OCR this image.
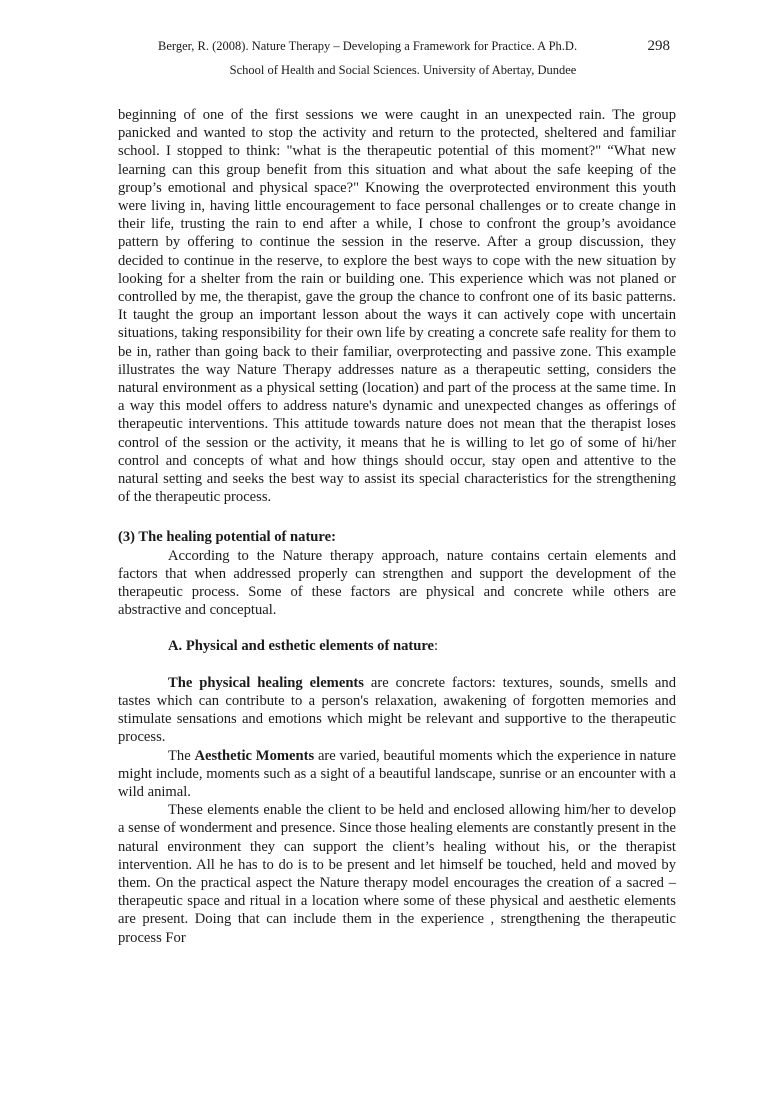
Berger, R. (2008). Nature Therapy – Developing a Framework for Practice. A Ph.D.	298
School of Health and Social Sciences. University of Abertay, Dundee

beginning of one of the first sessions we were caught in an unexpected rain. The group panicked and wanted to stop the activity and return to the protected, sheltered and familiar school. I stopped to think: "what is the therapeutic potential of this moment?" “What new learning can this group benefit from this situation and what about the safe keeping of the group’s emotional and physical space?" Knowing the overprotected environment this youth were living in, having little encouragement to face personal challenges or to create change in their life, trusting the rain to end after a while, I chose to confront the group’s avoidance pattern by offering to continue the session in the reserve. After a group discussion, they decided to continue in the reserve, to explore the best ways to cope with the new situation by looking for a shelter from the rain or building one. This experience which was not planed or controlled by me, the therapist, gave the group the chance to confront one of its basic patterns. It taught the group an important lesson about the ways it can actively cope with uncertain situations, taking responsibility for their own life by creating a concrete safe reality for them to be in, rather than going back to their familiar, overprotecting and passive zone. This example illustrates the way Nature Therapy addresses nature as a therapeutic setting, considers the natural environment as a physical setting (location) and part of the process at the same time. In a way this model offers to address nature's dynamic and unexpected changes as offerings of therapeutic interventions. This attitude towards nature does not mean that the therapist loses control of the session or the activity, it means that he is willing to let go of some of hi/her control and concepts of what and how things should occur, stay open and attentive to the natural setting and seeks the best way to assist its special characteristics for the strengthening of the therapeutic process.

(3) The healing potential of nature:

According to the Nature therapy approach, nature contains certain elements and factors that when addressed properly can strengthen and support the development of the therapeutic process. Some of these factors are physical and concrete while others are abstractive and conceptual.

A. Physical and esthetic elements of nature:

The physical healing elements are concrete factors: textures, sounds, smells and tastes which can contribute to a person's relaxation, awakening of forgotten memories and stimulate sensations and emotions which might be relevant and supportive to the therapeutic process.

The Aesthetic Moments are varied, beautiful moments which the experience in nature might include, moments such as a sight of a beautiful landscape, sunrise or an encounter with a wild animal.

These elements enable the client to be held and enclosed allowing him/her to develop a sense of wonderment and presence. Since those healing elements are constantly present in the natural environment they can support the client’s healing without his, or the therapist intervention. All he has to do is to be present and let himself be touched, held and moved by them. On the practical aspect the Nature therapy model encourages the creation of a sacred – therapeutic space and ritual in a location where some of these physical and aesthetic elements are present. Doing that can include them in the experience , strengthening the therapeutic process For
